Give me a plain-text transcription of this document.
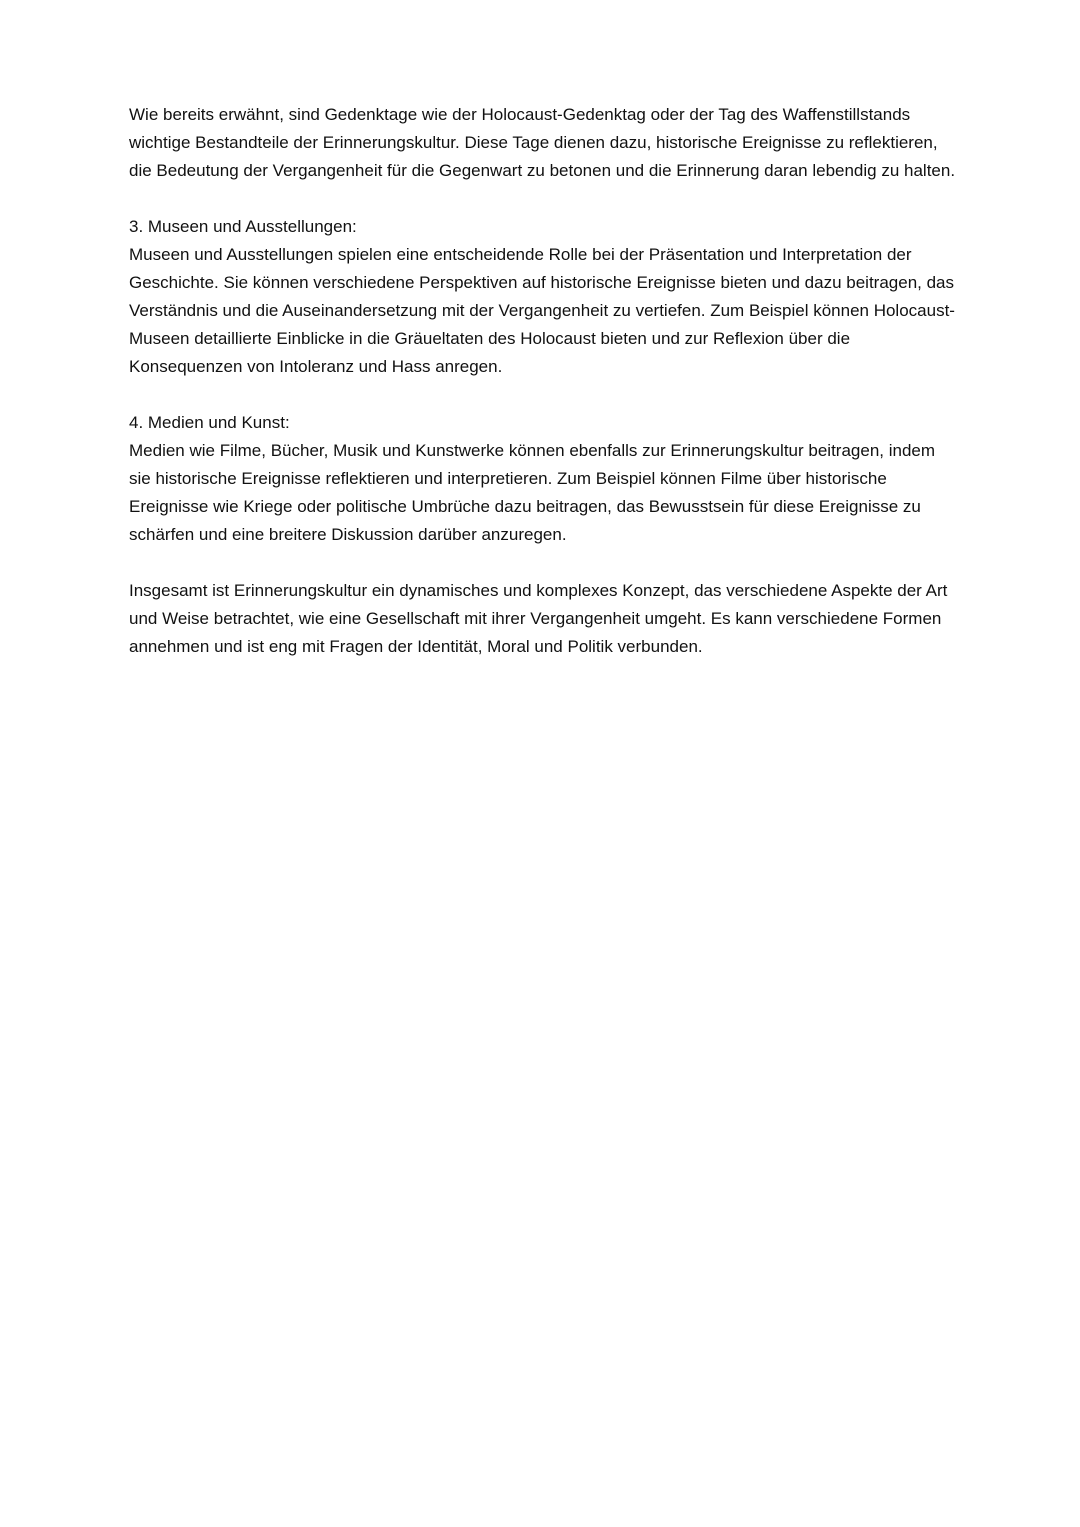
Wie bereits erwähnt, sind Gedenktage wie der Holocaust-Gedenktag oder der Tag des Waffenstillstands wichtige Bestandteile der Erinnerungskultur. Diese Tage dienen dazu, historische Ereignisse zu reflektieren, die Bedeutung der Vergangenheit für die Gegenwart zu betonen und die Erinnerung daran lebendig zu halten.

3. Museen und Ausstellungen:

Museen und Ausstellungen spielen eine entscheidende Rolle bei der Präsentation und Interpretation der Geschichte. Sie können verschiedene Perspektiven auf historische Ereignisse bieten und dazu beitragen, das Verständnis und die Auseinandersetzung mit der Vergangenheit zu vertiefen. Zum Beispiel können Holocaust-Museen detaillierte Einblicke in die Gräueltaten des Holocaust bieten und zur Reflexion über die Konsequenzen von Intoleranz und Hass anregen.

4. Medien und Kunst:

Medien wie Filme, Bücher, Musik und Kunstwerke können ebenfalls zur Erinnerungskultur beitragen, indem sie historische Ereignisse reflektieren und interpretieren. Zum Beispiel können Filme über historische Ereignisse wie Kriege oder politische Umbrüche dazu beitragen, das Bewusstsein für diese Ereignisse zu schärfen und eine breitere Diskussion darüber anzuregen.

Insgesamt ist Erinnerungskultur ein dynamisches und komplexes Konzept, das verschiedene Aspekte der Art und Weise betrachtet, wie eine Gesellschaft mit ihrer Vergangenheit umgeht. Es kann verschiedene Formen annehmen und ist eng mit Fragen der Identität, Moral und Politik verbunden.
